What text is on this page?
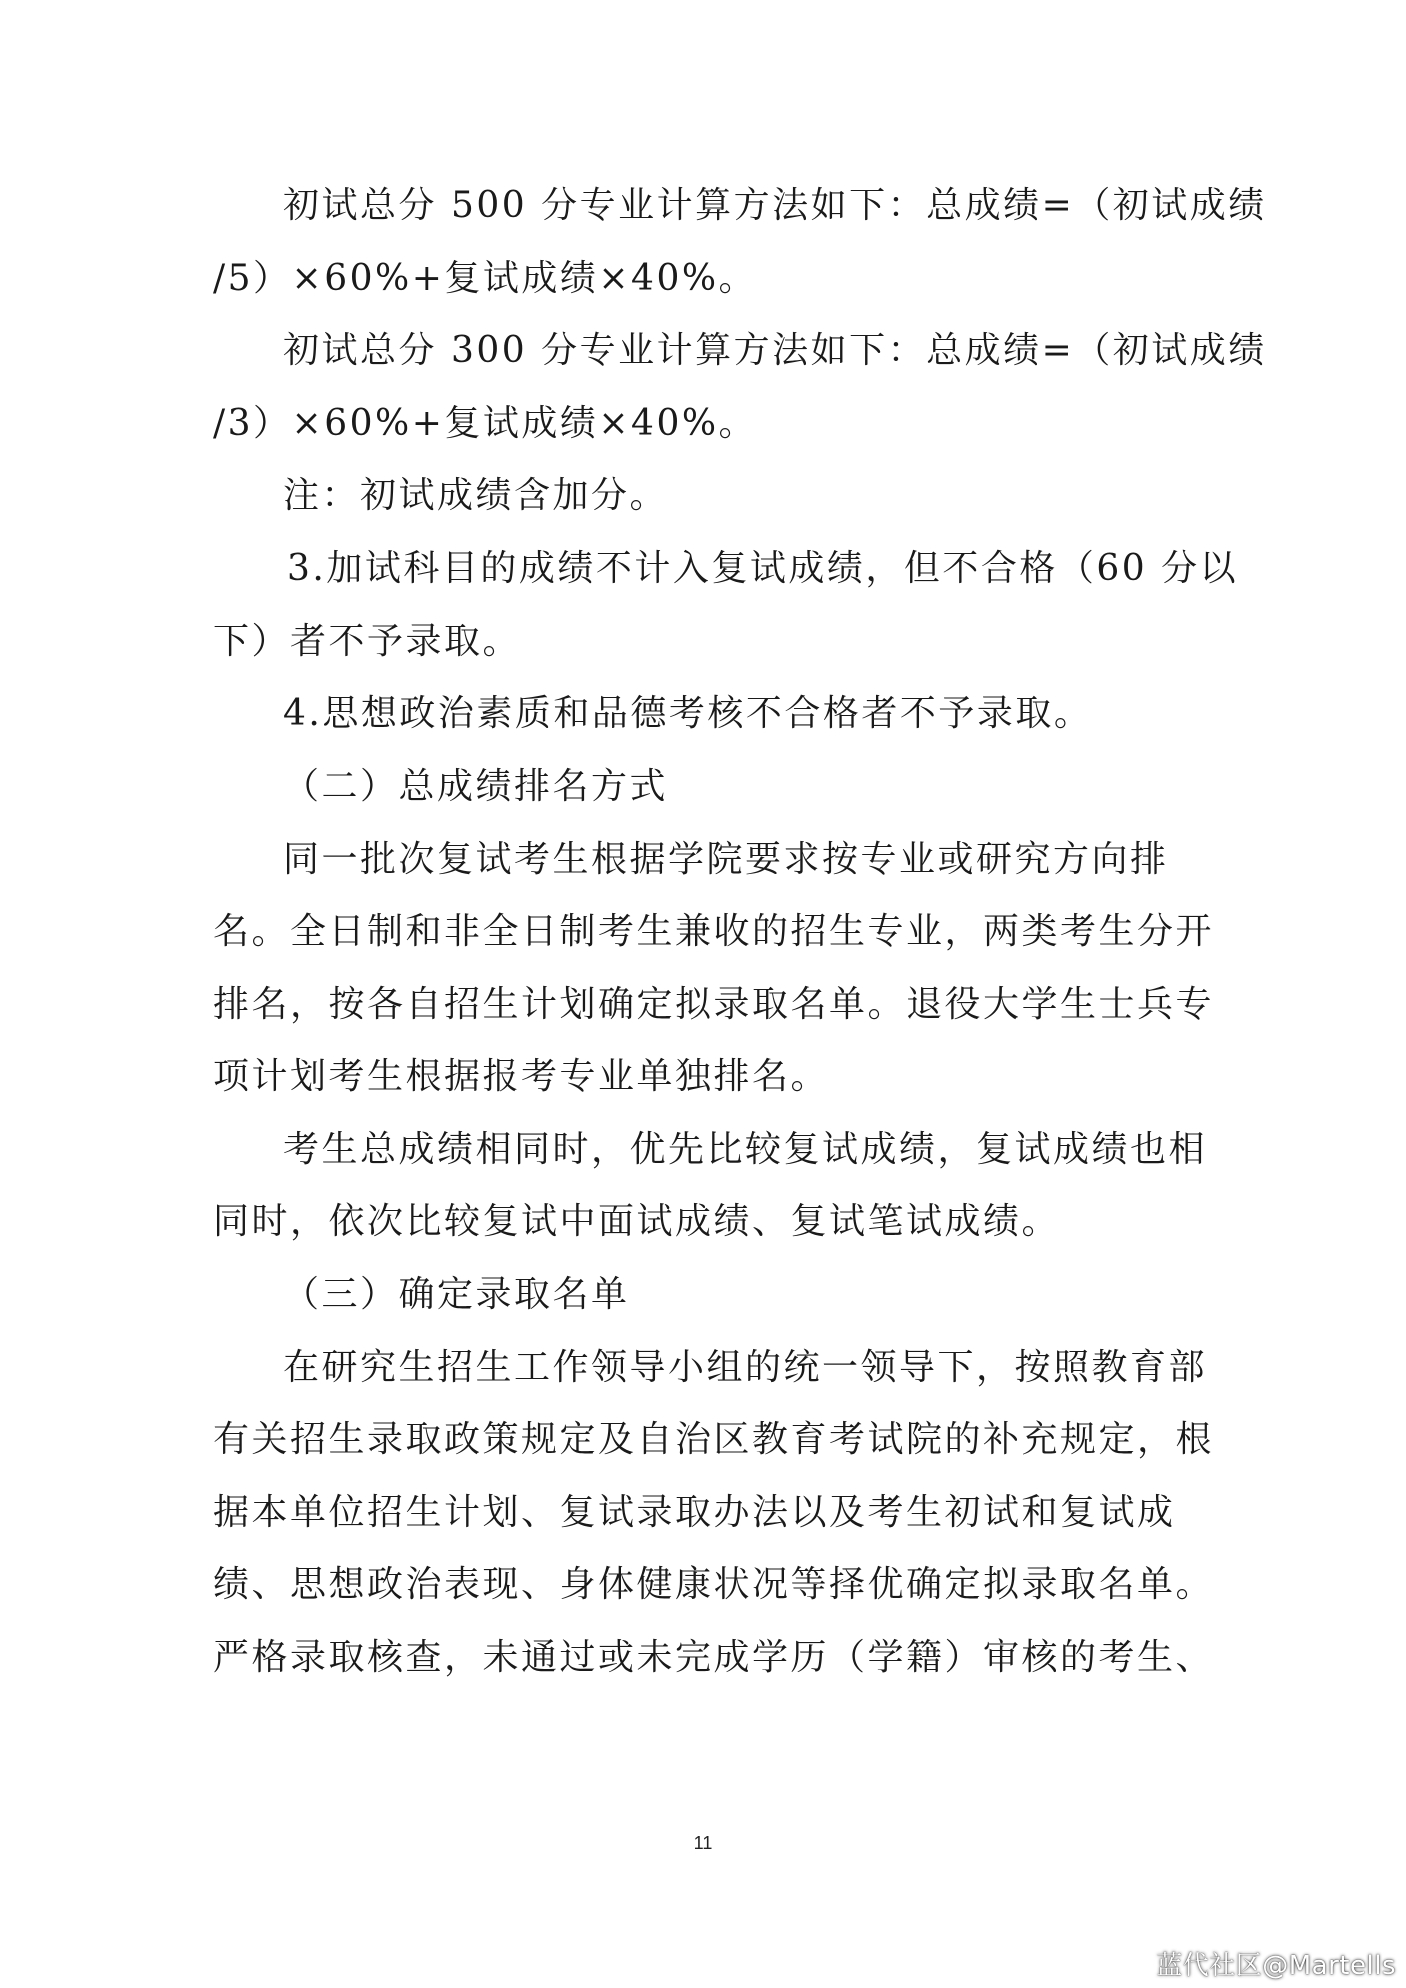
初试总分 500 分专业计算方法如下：总成绩=（初试成绩
/5）×60%+复试成绩×40%。
初试总分 300 分专业计算方法如下：总成绩=（初试成绩
/3）×60%+复试成绩×40%。
注：初试成绩含加分。
3.加试科目的成绩不计入复试成绩，但不合格（60 分以
下）者不予录取。
4.思想政治素质和品德考核不合格者不予录取。
（二）总成绩排名方式
同一批次复试考生根据学院要求按专业或研究方向排
名。全日制和非全日制考生兼收的招生专业，两类考生分开
排名，按各自招生计划确定拟录取名单。退役大学生士兵专
项计划考生根据报考专业单独排名。
考生总成绩相同时，优先比较复试成绩，复试成绩也相
同时，依次比较复试中面试成绩、复试笔试成绩。
（三）确定录取名单
在研究生招生工作领导小组的统一领导下，按照教育部
有关招生录取政策规定及自治区教育考试院的补充规定，根
据本单位招生计划、复试录取办法以及考生初试和复试成
绩、思想政治表现、身体健康状况等择优确定拟录取名单。
严格录取核查，未通过或未完成学历（学籍）审核的考生、
11
蓝代社区@Martells
